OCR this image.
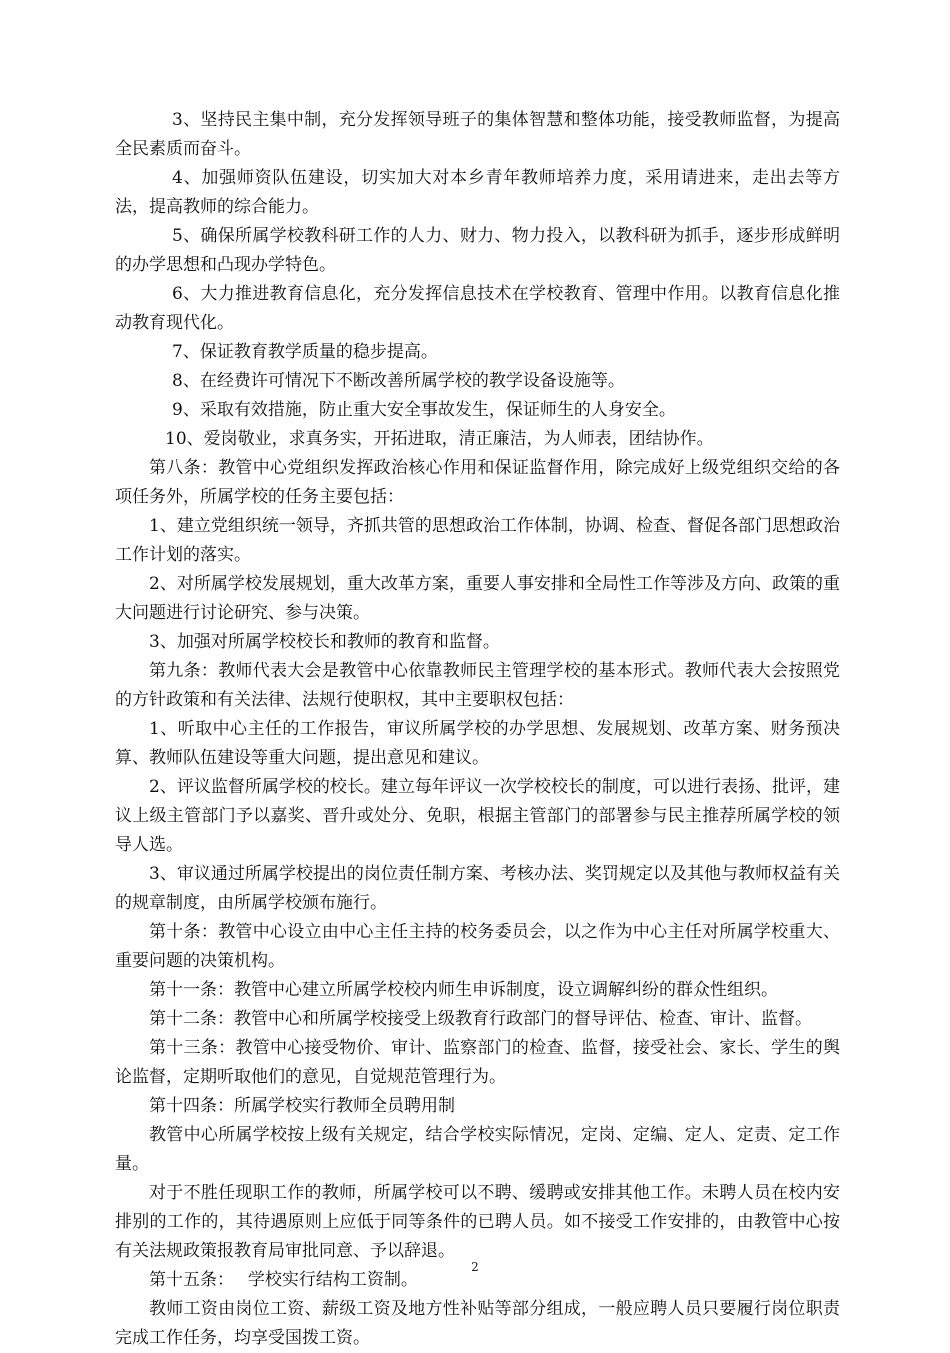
3、坚持民主集中制，充分发挥领导班子的集体智慧和整体功能，接受教师监督，为提高全民素质而奋斗。

4、加强师资队伍建设，切实加大对本乡青年教师培养力度，采用请进来，走出去等方法，提高教师的综合能力。

5、确保所属学校教科研工作的人力、财力、物力投入，以教科研为抓手，逐步形成鲜明的办学思想和凸现办学特色。

6、大力推进教育信息化，充分发挥信息技术在学校教育、管理中作用。以教育信息化推动教育现代化。

7、保证教育教学质量的稳步提高。

8、在经费许可情况下不断改善所属学校的教学设备设施等。

9、采取有效措施，防止重大安全事故发生，保证师生的人身安全。

10、爱岗敬业，求真务实，开拓进取，清正廉洁，为人师表，团结协作。

第八条：教管中心党组织发挥政治核心作用和保证监督作用，除完成好上级党组织交给的各项任务外，所属学校的任务主要包括：

1、建立党组织统一领导，齐抓共管的思想政治工作体制，协调、检查、督促各部门思想政治工作计划的落实。

2、对所属学校发展规划，重大改革方案，重要人事安排和全局性工作等涉及方向、政策的重大问题进行讨论研究、参与决策。

3、加强对所属学校校长和教师的教育和监督。

第九条：教师代表大会是教管中心依靠教师民主管理学校的基本形式。教师代表大会按照党的方针政策和有关法律、法规行使职权，其中主要职权包括：

1、听取中心主任的工作报告，审议所属学校的办学思想、发展规划、改革方案、财务预决算、教师队伍建设等重大问题，提出意见和建议。

2、评议监督所属学校的校长。建立每年评议一次学校校长的制度，可以进行表扬、批评，建议上级主管部门予以嘉奖、晋升或处分、免职，根据主管部门的部署参与民主推荐所属学校的领导人选。

3、审议通过所属学校提出的岗位责任制方案、考核办法、奖罚规定以及其他与教师权益有关的规章制度，由所属学校颁布施行。

第十条：教管中心设立由中心主任主持的校务委员会，以之作为中心主任对所属学校重大、重要问题的决策机构。

第十一条：教管中心建立所属学校校内师生申诉制度，设立调解纠纷的群众性组织。

第十二条：教管中心和所属学校接受上级教育行政部门的督导评估、检查、审计、监督。

第十三条：教管中心接受物价、审计、监察部门的检查、监督，接受社会、家长、学生的舆论监督，定期听取他们的意见，自觉规范管理行为。

第十四条：所属学校实行教师全员聘用制

教管中心所属学校按上级有关规定，结合学校实际情况，定岗、定编、定人、定责、定工作量。

对于不胜任现职工作的教师，所属学校可以不聘、缓聘或安排其他工作。未聘人员在校内安排别的工作的，其待遇原则上应低于同等条件的已聘人员。如不接受工作安排的，由教管中心按有关法规政策报教育局审批同意、予以辞退。

第十五条：　 学校实行结构工资制。

教师工资由岗位工资、薪级工资及地方性补贴等部分组成，一般应聘人员只要履行岗位职责完成工作任务，均享受国拨工资。

2
